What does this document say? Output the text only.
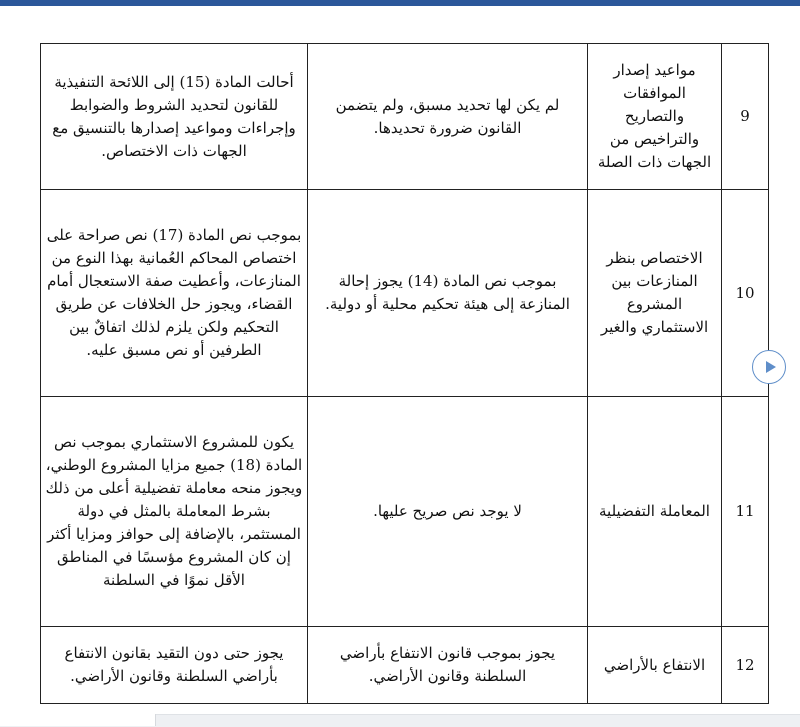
أحالت المادة (15) إلى اللائحة التنفيذية للقانون لتحديد الشروط والضوابط وإجراءات ومواعيد إصدارها بالتنسيق مع الجهات ذات الاختصاص.	لم يكن لها تحديد مسبق، ولم يتضمن القانون ضرورة تحديدها.	مواعيد إصدار الموافقات والتصاريح والتراخيص من الجهات ذات الصلة	9
بموجب نص المادة (17) نص صراحة على اختصاص المحاكم العُمانية بهذا النوع من المنازعات، وأعطيت صفة الاستعجال أمام القضاء، ويجوز حل الخلافات عن طريق التحكيم ولكن يلزم لذلك اتفاقٌ بين الطرفين أو نص مسبق عليه.	بموجب نص المادة (14) يجوز إحالة المنازعة إلى هيئة تحكيم محلية أو دولية.	الاختصاص بنظر المنازعات بين المشروع الاستثماري والغير	10
يكون للمشروع الاستثماري بموجب نص المادة (18) جميع مزايا المشروع الوطني، ويجوز منحه معاملة تفضيلية أعلى من ذلك بشرط المعاملة بالمثل في دولة المستثمر، بالإضافة إلى حوافز ومزايا أكثر إن كان المشروع مؤسسًا في المناطق الأقل نموًا في السلطنة	لا يوجد نص صريح عليها.	المعاملة التفضيلية	11
يجوز حتى دون التقيد بقانون الانتفاع بأراضي السلطنة وقانون الأراضي.	يجوز بموجب قانون الانتفاع بأراضي السلطنة وقانون الأراضي.	الانتفاع بالأراضي	12
